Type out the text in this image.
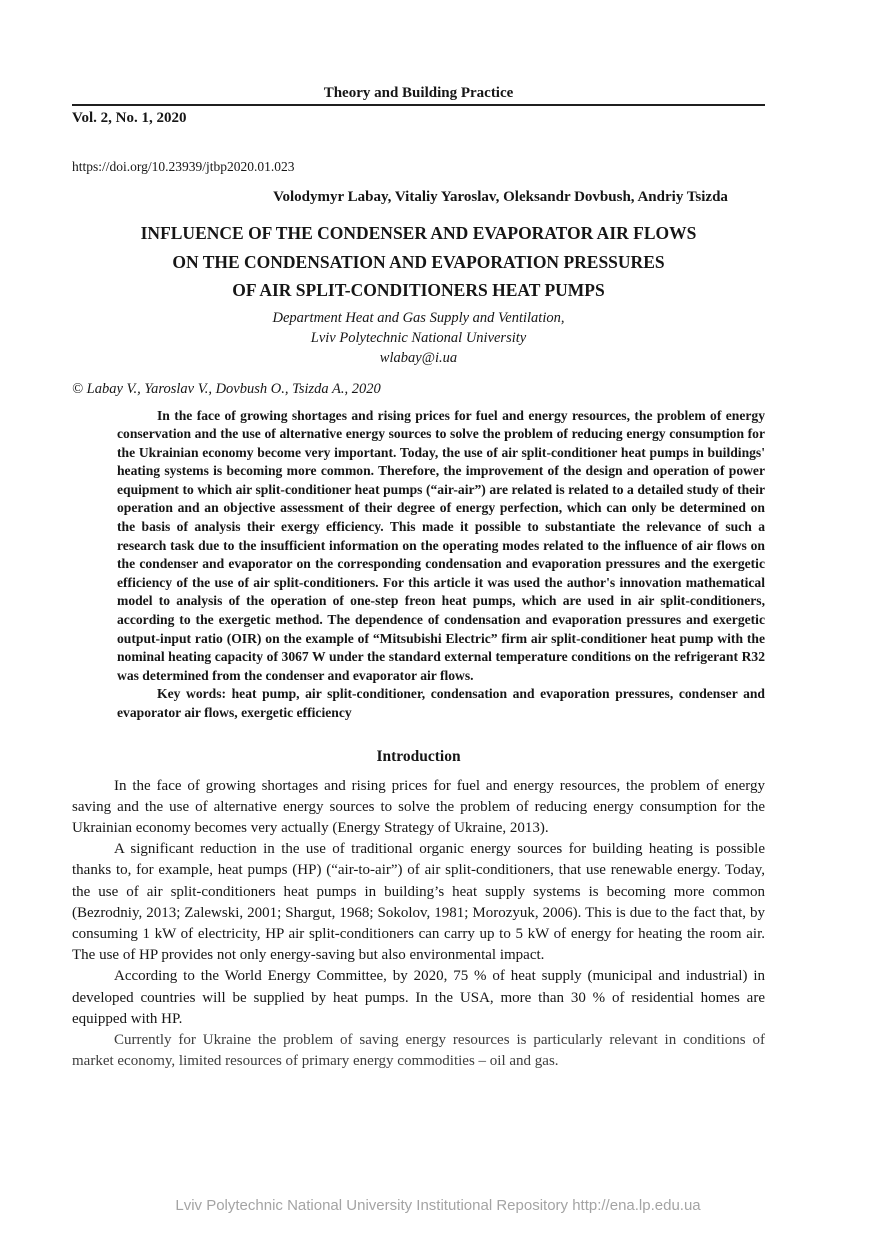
Theory and Building Practice
Vol. 2, No. 1, 2020
https://doi.org/10.23939/jtbp2020.01.023
Volodymyr Labay, Vitaliy Yaroslav, Oleksandr Dovbush, Andriy Tsizda
INFLUENCE OF THE CONDENSER AND EVAPORATOR AIR FLOWS
ON THE CONDENSATION AND EVAPORATION PRESSURES
OF AIR SPLIT-CONDITIONERS HEAT PUMPS
Department Heat and Gas Supply and Ventilation,
Lviv Polytechnic National University
wlabay@i.ua
© Labay V., Yaroslav V., Dovbush O., Tsizda A., 2020

In the face of growing shortages and rising prices for fuel and energy resources, the problem of energy conservation and the use of alternative energy sources to solve the problem of reducing energy consumption for the Ukrainian economy become very important. Today, the use of air split-conditioner heat pumps in buildings' heating systems is becoming more common. Therefore, the improvement of the design and operation of power equipment to which air split-conditioner heat pumps (“air-air”) are related is related to a detailed study of their operation and an objective assessment of their degree of energy perfection, which can only be determined on the basis of analysis their exergy efficiency. This made it possible to substantiate the relevance of such a research task due to the insufficient information on the operating modes related to the influence of air flows on the condenser and evaporator on the corresponding condensation and evaporation pressures and the exergetic efficiency of the use of air split-conditioners. For this article it was used the author's innovation mathematical model to analysis of the operation of one-step freon heat pumps, which are used in air split-conditioners, according to the exergetic method. The dependence of condensation and evaporation pressures and exergetic output-input ratio (OIR) on the example of “Mitsubishi Electric” firm air split-conditioner heat pump with the nominal heating capacity of 3067 W under the standard external temperature conditions on the refrigerant R32 was determined from the condenser and evaporator air flows.

Key words: heat pump, air split-conditioner, condensation and evaporation pressures, condenser and evaporator air flows, exergetic efficiency

Introduction

In the face of growing shortages and rising prices for fuel and energy resources, the problem of energy saving and the use of alternative energy sources to solve the problem of reducing energy consumption for the Ukrainian economy becomes very actually (Energy Strategy of Ukraine, 2013).

A significant reduction in the use of traditional organic energy sources for building heating is possible thanks to, for example, heat pumps (HP) (“air-to-air”) of air split-conditioners, that use renewable energy. Today, the use of air split-conditioners heat pumps in building’s heat supply systems is becoming more common (Bezrodniy, 2013; Zalewski, 2001; Shargut, 1968; Sokolov, 1981; Morozyuk, 2006). This is due to the fact that, by consuming 1 kW of electricity, HP air split-conditioners can carry up to 5 kW of energy for heating the room air. The use of HP provides not only energy-saving but also environmental impact.

According to the World Energy Committee, by 2020, 75 % of heat supply (municipal and industrial) in developed countries will be supplied by heat pumps. In the USA, more than 30 % of residential homes are equipped with HP.

Currently for Ukraine the problem of saving energy resources is particularly relevant in conditions of market economy, limited resources of primary energy commodities – oil and gas.

Lviv Polytechnic National University Institutional Repository http://ena.lp.edu.ua
